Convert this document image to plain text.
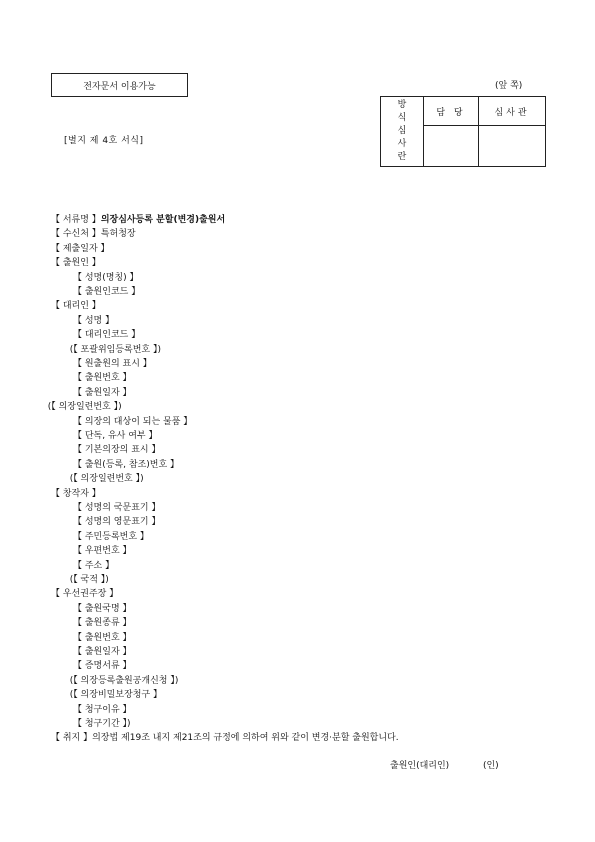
전자문서 이용가능	(앞 쪽)
[별지 제 4호 서식]
방
식
심
사
란	담 당	심사관

【 서류명 】의장심사등록 분할(변경)출원서
【 수신처 】특허청장
【 제출일자 】
【 출원인 】
【 성명(명칭) 】
【 출원인코드 】
【 대리인 】
【 성명 】
【 대리인코드 】
(【 포괄위임등록번호 】)
【 원출원의 표시 】
【 출원번호 】
【 출원일자 】
(【 의장일련번호 】)
【 의장의 대상이 되는 물품 】
【 단독, 유사 여부 】
【 기본의장의 표시 】
【 출원(등록, 참조)번호 】
(【 의장일련번호 】)
【 창작자 】
【 성명의 국문표기 】
【 성명의 영문표기 】
【 주민등록번호 】
【 우편번호 】
【 주소 】
(【 국적 】)
【 우선권주장 】
【 출원국명 】
【 출원종류 】
【 출원번호 】
【 출원일자 】
【 증명서류 】
(【 의장등록출원공개신청 】)
(【 의장비밀보장청구 】
【 청구이유 】
【 청구기간 】)
【 취지 】의장법 제19조 내지 제21조의 규정에 의하여 위와 같이 변경·분할 출원합니다.
출원인(대리인)	(인)
